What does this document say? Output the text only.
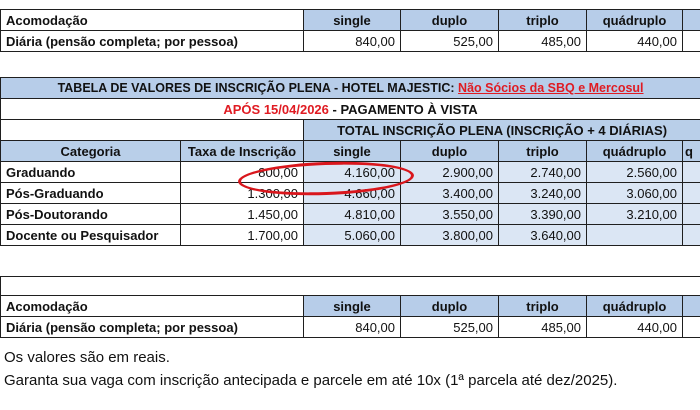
Acomodação	single	duplo	triplo	quádruplo	
Diária (pensão completa; por pessoa)	840,00	525,00	485,00	440,00	
TABELA DE VALORES DE INSCRIÇÃO PLENA - HOTEL MAJESTIC: Não Sócios da SBQ e Mercosul						
APÓS 15/04/2026 - PAGAMENTO À VISTA						
		TOTAL INSCRIÇÃO PLENA (INSCRIÇÃO + 4 DIÁRIAS)				
Categoria	Taxa de Inscrição	single	duplo	triplo	quádruplo	q
Graduando	800,00	4.160,00	2.900,00	2.740,00	2.560,00	
Pós-Graduando	1.300,00	4.660,00	3.400,00	3.240,00	3.060,00	
Pós-Doutorando	1.450,00	4.810,00	3.550,00	3.390,00	3.210,00	
Docente ou Pesquisador	1.700,00	5.060,00	3.800,00	3.640,00		

Acomodação	single	duplo	triplo	quádruplo	
Diária (pensão completa; por pessoa)	840,00	525,00	485,00	440,00	
Os valores são em reais.
Garanta sua vaga com inscrição antecipada e parcele em até 10x (1ª parcela até dez/2025).
